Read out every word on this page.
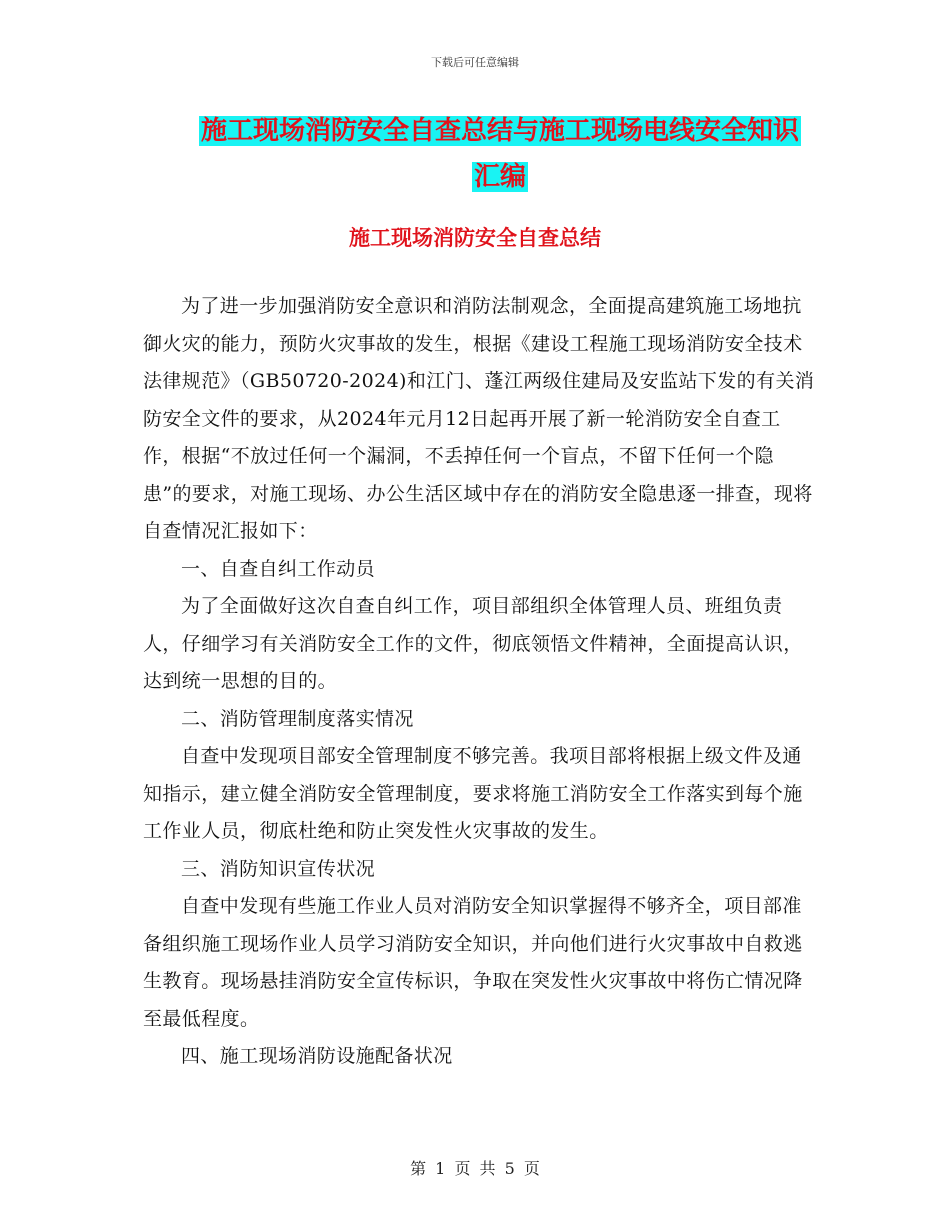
下载后可任意编辑
施工现场消防安全自查总结与施工现场电线安全知识
汇编
施工现场消防安全自查总结

为了进一步加强消防安全意识和消防法制观念，全面提高建筑施工场地抗御火灾的能力，预防火灾事故的发生，根据《建设工程施工现场消防安全技术法律规范》（GB50720-2024)和江门、蓬江两级住建局及安监站下发的有关消防安全文件的要求，从2024年元月12日起再开展了新一轮消防安全自查工作，根据“不放过任何一个漏洞，不丢掉任何一个盲点，不留下任何一个隐患”的要求，对施工现场、办公生活区域中存在的消防安全隐患逐一排查，现将自查情况汇报如下：

一、自查自纠工作动员

为了全面做好这次自查自纠工作，项目部组织全体管理人员、班组负责人，仔细学习有关消防安全工作的文件，彻底领悟文件精神，全面提高认识，达到统一思想的目的。

二、消防管理制度落实情况

自查中发现项目部安全管理制度不够完善。我项目部将根据上级文件及通知指示，建立健全消防安全管理制度，要求将施工消防安全工作落实到每个施工作业人员，彻底杜绝和防止突发性火灾事故的发生。

三、消防知识宣传状况

自查中发现有些施工作业人员对消防安全知识掌握得不够齐全，项目部准备组织施工现场作业人员学习消防安全知识，并向他们进行火灾事故中自救逃生教育。现场悬挂消防安全宣传标识，争取在突发性火灾事故中将伤亡情况降至最低程度。

四、施工现场消防设施配备状况

第 1 页 共 5 页
